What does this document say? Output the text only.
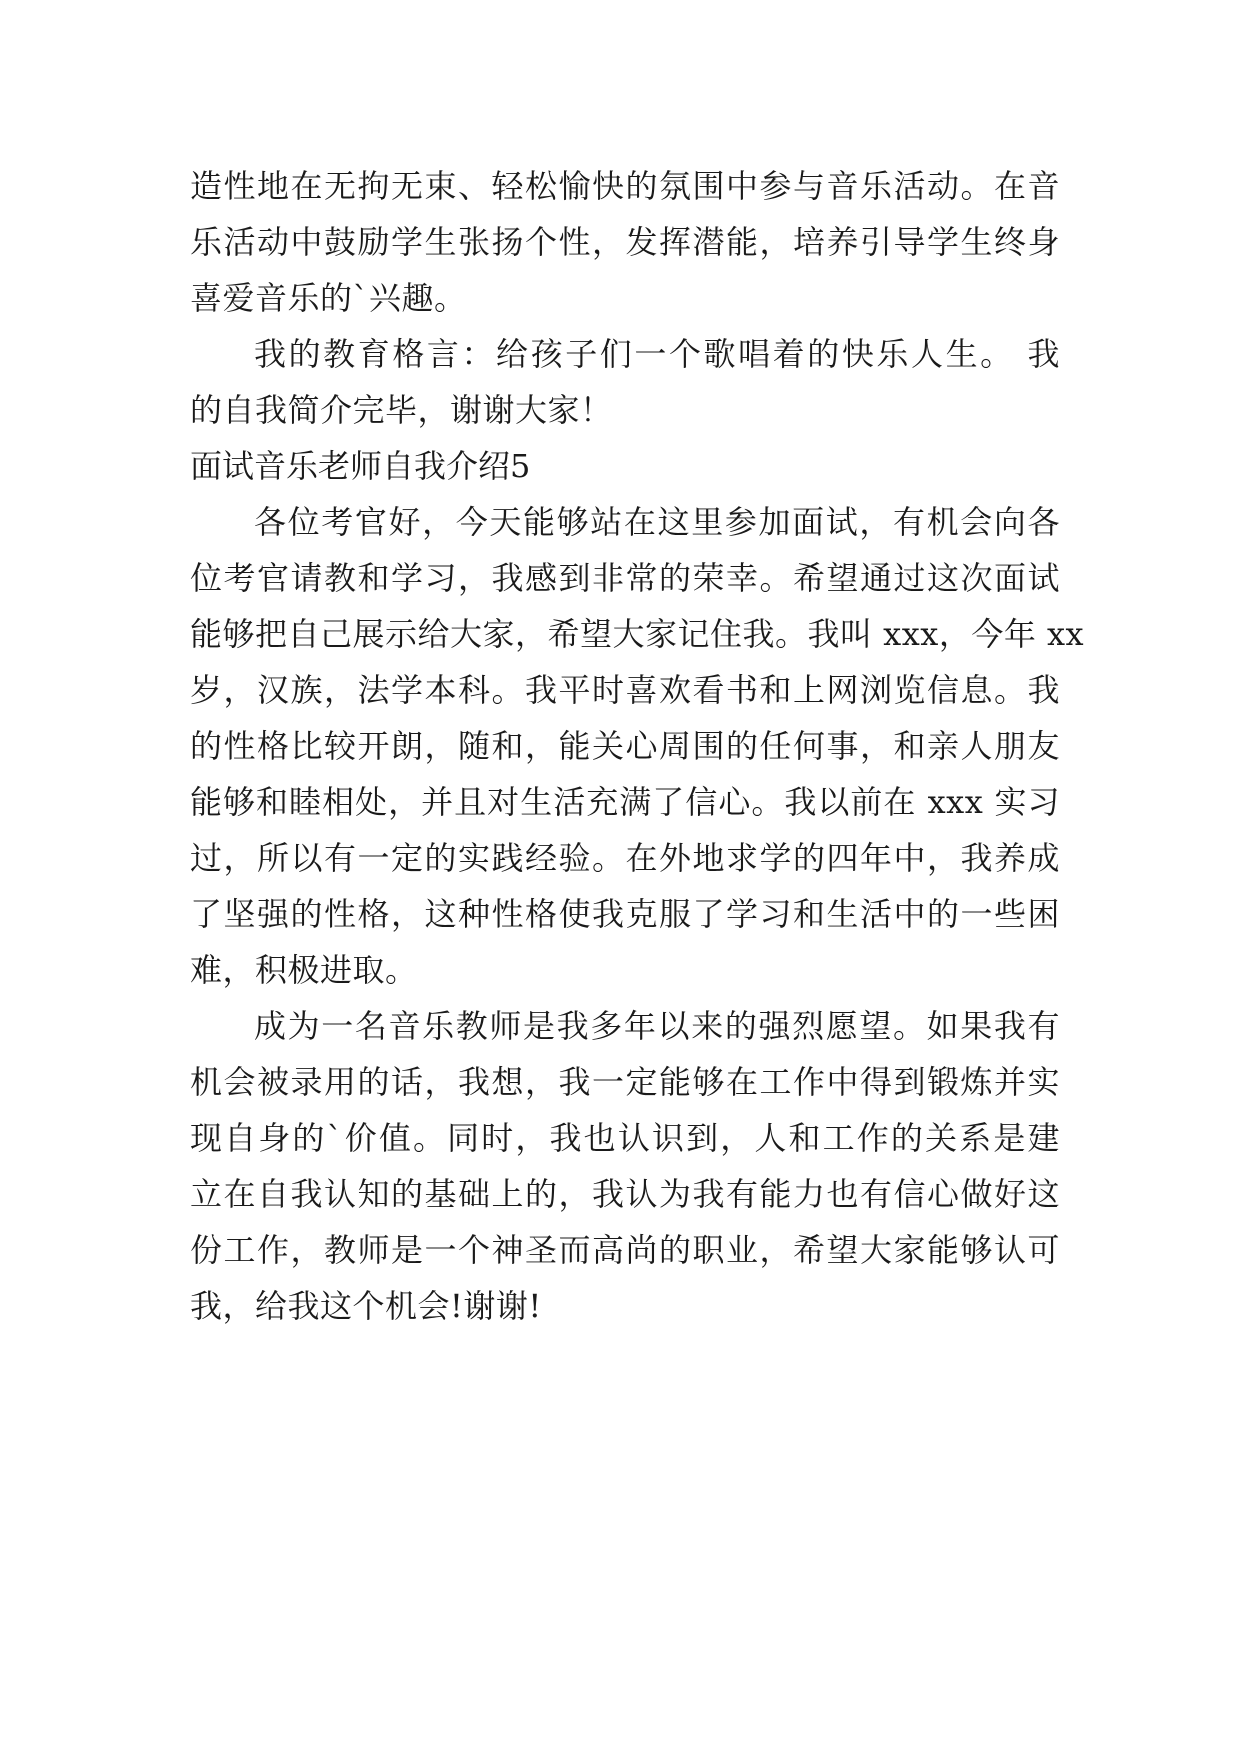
造性地在无拘无束、轻松愉快的氛围中参与音乐活动。在音
乐活动中鼓励学生张扬个性，发挥潜能，培养引导学生终身
喜爱音乐的`兴趣。
我的教育格言：给孩子们一个歌唱着的快乐人生。 我
的自我简介完毕，谢谢大家！
面试音乐老师自我介绍5
各位考官好，今天能够站在这里参加面试，有机会向各
位考官请教和学习，我感到非常的荣幸。希望通过这次面试
能够把自己展示给大家，希望大家记住我。我叫 xxx，今年 xx
岁，汉族，法学本科。我平时喜欢看书和上网浏览信息。我
的性格比较开朗，随和，能关心周围的任何事，和亲人朋友
能够和睦相处，并且对生活充满了信心。我以前在 xxx 实习
过，所以有一定的实践经验。在外地求学的四年中，我养成
了坚强的性格，这种性格使我克服了学习和生活中的一些困
难，积极进取。
成为一名音乐教师是我多年以来的强烈愿望。如果我有
机会被录用的话，我想，我一定能够在工作中得到锻炼并实
现自身的`价值。同时，我也认识到，人和工作的关系是建
立在自我认知的基础上的，我认为我有能力也有信心做好这
份工作，教师是一个神圣而高尚的职业，希望大家能够认可
我，给我这个机会!谢谢!
